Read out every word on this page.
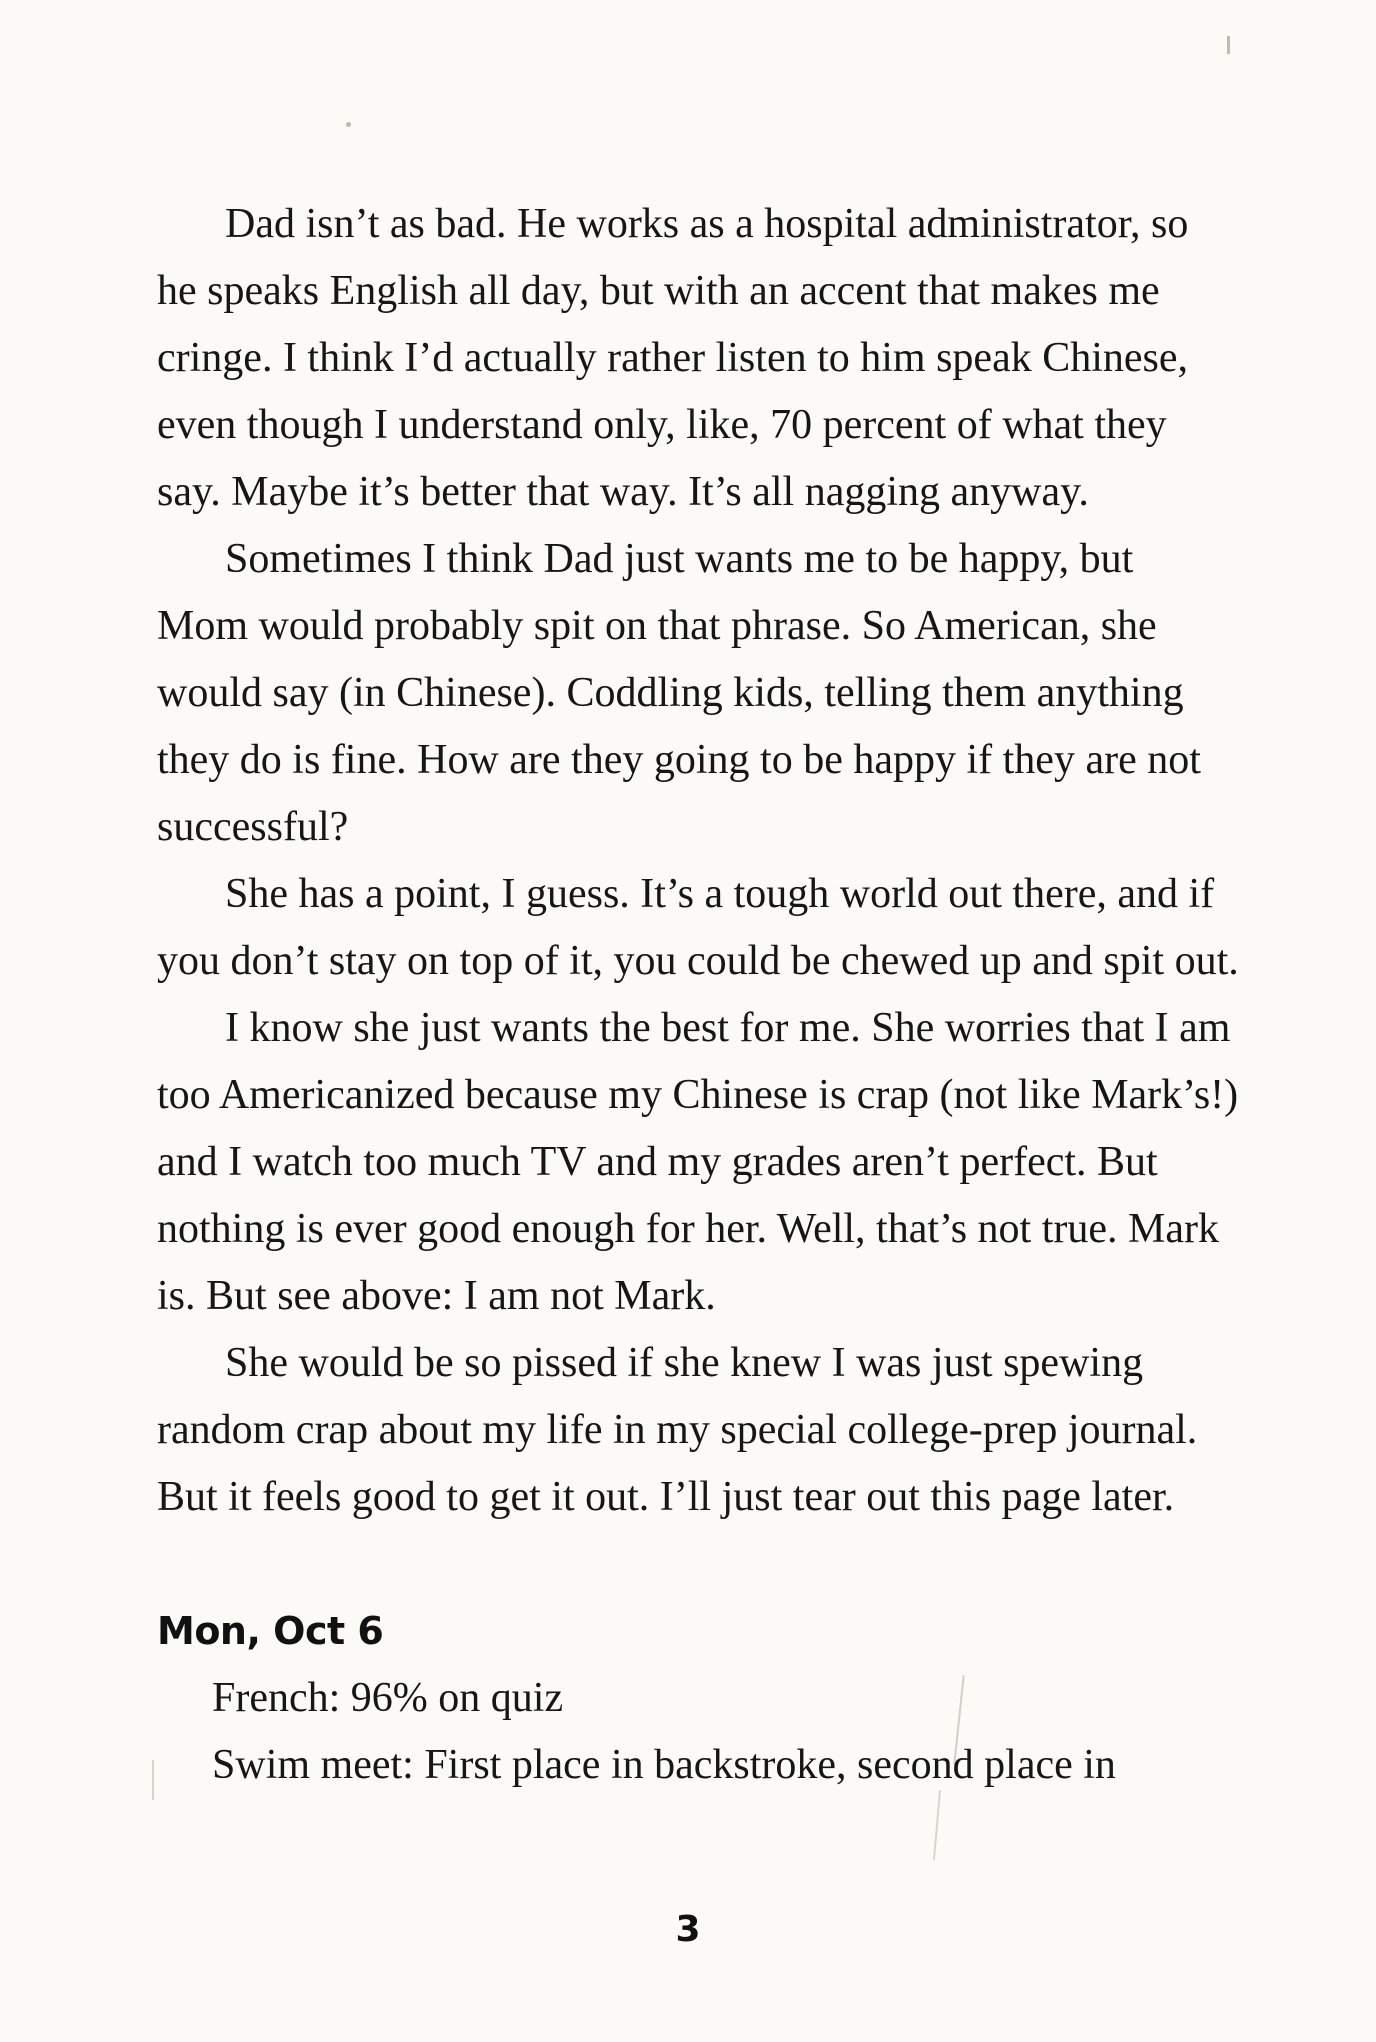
Dad isn’t as bad. He works as a hospital administrator, so
he speaks English all day, but with an accent that makes me
cringe. I think I’d actually rather listen to him speak Chinese,
even though I understand only, like, 70 percent of what they
say. Maybe it’s better that way. It’s all nagging anyway.

Sometimes I think Dad just wants me to be happy, but
Mom would probably spit on that phrase. So American, she
would say (in Chinese). Coddling kids, telling them anything
they do is fine. How are they going to be happy if they are not
successful?

She has a point, I guess. It’s a tough world out there, and if
you don’t stay on top of it, you could be chewed up and spit out.

I know she just wants the best for me. She worries that I am
too Americanized because my Chinese is crap (not like Mark’s!)
and I watch too much TV and my grades aren’t perfect. But
nothing is ever good enough for her. Well, that’s not true. Mark
is. But see above: I am not Mark.

She would be so pissed if she knew I was just spewing
random crap about my life in my special college-prep journal.
But it feels good to get it out. I’ll just tear out this page later.

Mon, Oct 6
French: 96% on quiz
Swim meet: First place in backstroke, second place in
3
